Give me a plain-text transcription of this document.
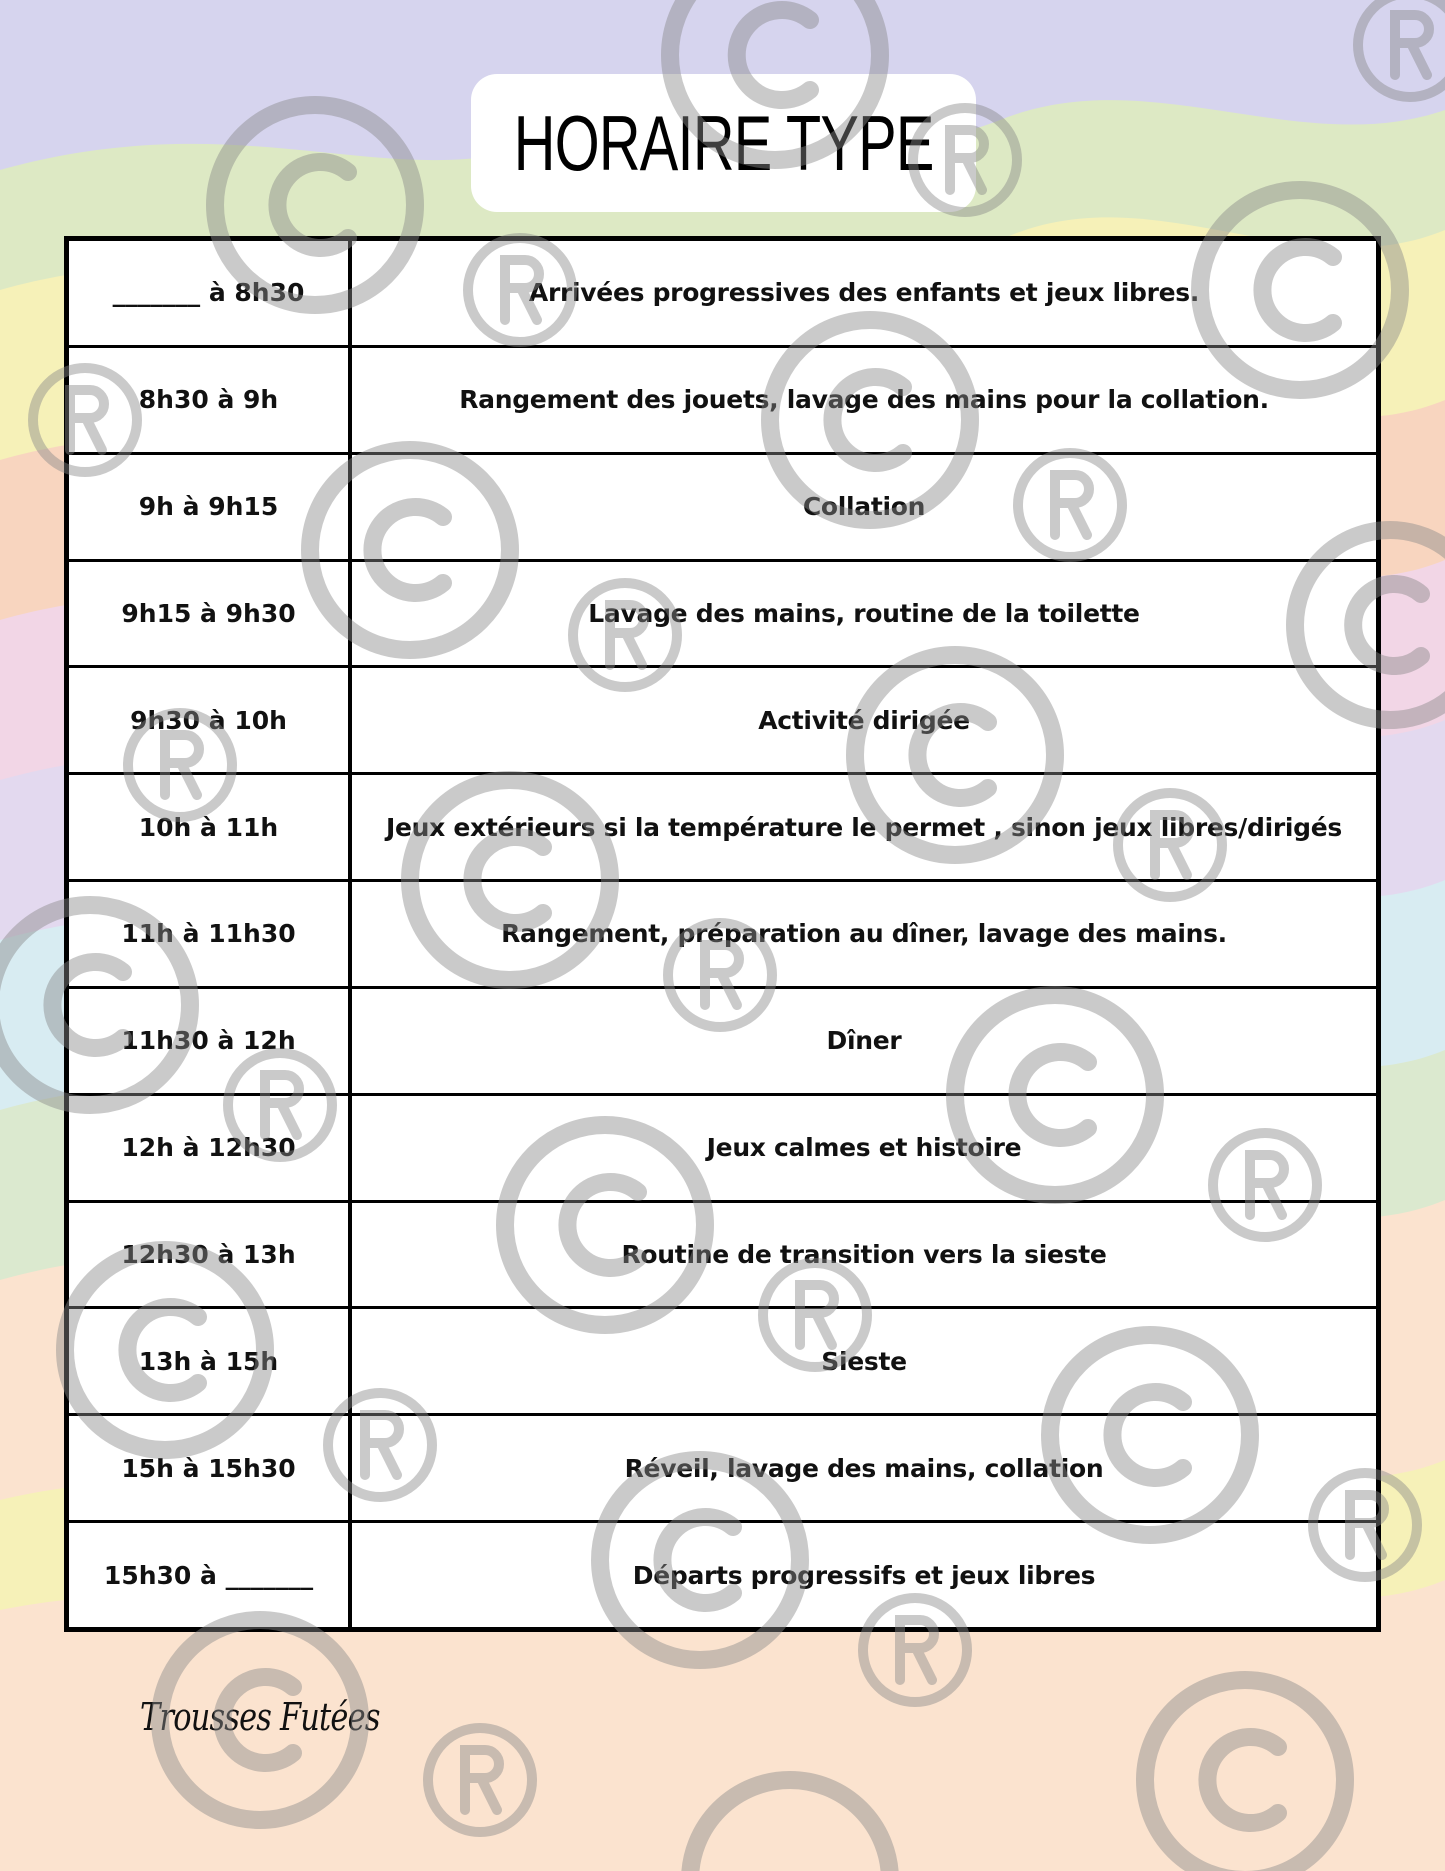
HORAIRE TYPE
_______ à 8h30	Arrivées progressives des enfants et jeux libres.
8h30 à 9h	Rangement des jouets, lavage des mains pour la collation.
9h à 9h15	Collation
9h15 à 9h30	Lavage des mains, routine de la toilette
9h30 à 10h	Activité dirigée
10h à 11h	Jeux extérieurs si la température le permet , sinon jeux libres/dirigés
11h à 11h30	Rangement, préparation au dîner, lavage des mains.
11h30 à 12h	Dîner
12h à 12h30	Jeux calmes et histoire
12h30 à 13h	Routine de transition vers la sieste
13h à 15h	Sieste
15h à 15h30	Réveil, lavage des mains, collation
15h30 à _______	Départs progressifs et jeux libres
Trousses Futées
